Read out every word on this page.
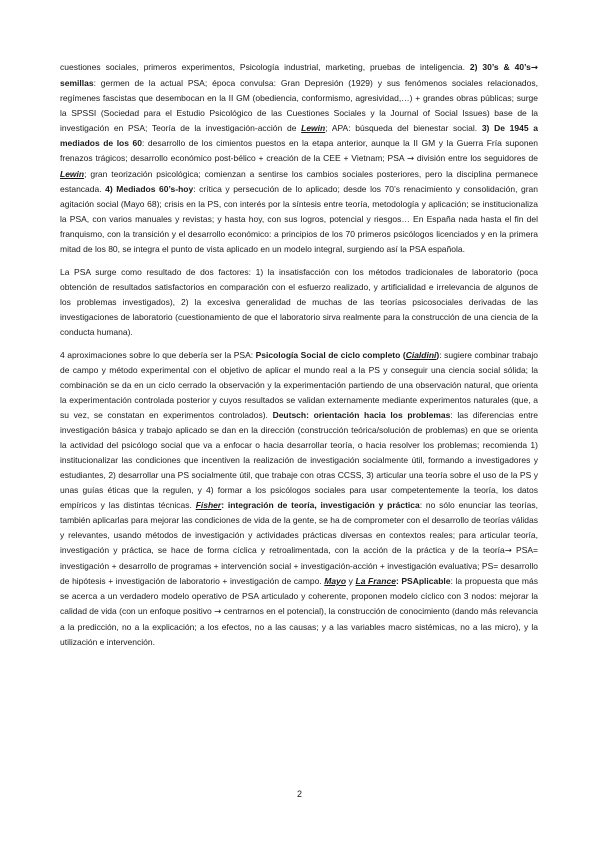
cuestiones sociales, primeros experimentos, Psicología industrial, marketing, pruebas de inteligencia. 2) 30’s & 40’s→ semillas: germen de la actual PSA; época convulsa: Gran Depresión (1929) y sus fenómenos sociales relacionados, regímenes fascistas que desembocan en la II GM (obediencia, conformismo, agresividad,…) + grandes obras públicas; surge la SPSSI (Sociedad para el Estudio Psicológico de las Cuestiones Sociales y la Journal of Social Issues) base de la investigación en PSA; Teoría de la investigación-acción de Lewin; APA: búsqueda del bienestar social. 3) De 1945 a mediados de los 60: desarrollo de los cimientos puestos en la etapa anterior, aunque la II GM y la Guerra Fría suponen frenazos trágicos; desarrollo económico post-bélico + creación de la CEE + Vietnam; PSA → división entre los seguidores de Lewin; gran teorización psicológica; comienzan a sentirse los cambios sociales posteriores, pero la disciplina permanece estancada. 4) Mediados 60’s-hoy: crítica y persecución de lo aplicado; desde los 70’s renacimiento y consolidación, gran agitación social (Mayo 68); crisis en la PS, con interés por la síntesis entre teoría, metodología y aplicación; se institucionaliza la PSA, con varios manuales y revistas; y hasta hoy, con sus logros, potencial y riesgos… En España nada hasta el fin del franquismo, con la transición y el desarrollo económico: a principios de los 70 primeros psicólogos licenciados y en la primera mitad de los 80, se integra el punto de vista aplicado en un modelo integral, surgiendo así la PSA española.

La PSA surge como resultado de dos factores: 1) la insatisfacción con los métodos tradicionales de laboratorio (poca obtención de resultados satisfactorios en comparación con el esfuerzo realizado, y artificialidad e irrelevancia de algunos de los problemas investigados), 2) la excesiva generalidad de muchas de las teorías psicosociales derivadas de las investigaciones de laboratorio (cuestionamiento de que el laboratorio sirva realmente para la construcción de una ciencia de la conducta humana).

4 aproximaciones sobre lo que debería ser la PSA: Psicología Social de ciclo completo (Cialdini): sugiere combinar trabajo de campo y método experimental con el objetivo de aplicar el mundo real a la PS y conseguir una ciencia social sólida; la combinación se da en un ciclo cerrado la observación y la experimentación partiendo de una observación natural, que orienta la experimentación controlada posterior y cuyos resultados se validan externamente mediante experimentos naturales (que, a su vez, se constatan en experimentos controlados). Deutsch: orientación hacia los problemas: las diferencias entre investigación básica y trabajo aplicado se dan en la dirección (construcción teórica/solución de problemas) en que se orienta la actividad del psicólogo social que va a enfocar o hacia desarrollar teoría, o hacia resolver los problemas; recomienda 1) institucionalizar las condiciones que incentiven la realización de investigación socialmente útil, formando a investigadores y estudiantes, 2) desarrollar una PS socialmente útil, que trabaje con otras CCSS, 3) articular una teoría sobre el uso de la PS y unas guías éticas que la regulen, y 4) formar a los psicólogos sociales para usar competentemente la teoría, los datos empíricos y las distintas técnicas. Fisher: integración de teoría, investigación y práctica: no sólo enunciar las teorías, también aplicarlas para mejorar las condiciones de vida de la gente, se ha de comprometer con el desarrollo de teorías válidas y relevantes, usando métodos de investigación y actividades prácticas diversas en contextos reales; para articular teoría, investigación y práctica, se hace de forma cíclica y retroalimentada, con la acción de la práctica y de la teoría→ PSA= investigación + desarrollo de programas + intervención social + investigación-acción + investigación evaluativa; PS= desarrollo de hipótesis + investigación de laboratorio + investigación de campo. Mayo y La France: PSAplicable: la propuesta que más se acerca a un verdadero modelo operativo de PSA articulado y coherente, proponen modelo cíclico con 3 nodos: mejorar la calidad de vida (con un enfoque positivo → centrarnos en el potencial), la construcción de conocimiento (dando más relevancia a la predicción, no a la explicación; a los efectos, no a las causas; y a las variables macro sistémicas, no a las micro), y la utilización e intervención.

2
